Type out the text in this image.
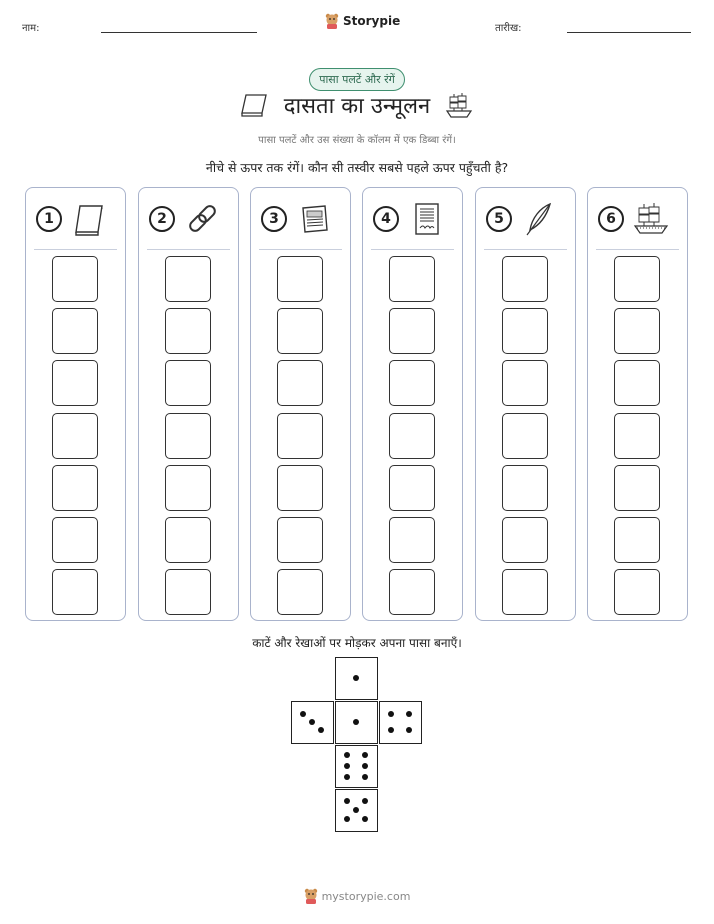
नाम:
Storypie
तारीख:
पासा पलटें और रंगें
दासता का उन्मूलन
पासा पलटें और उस संख्या के कॉलम में एक डिब्बा रंगें।
नीचे से ऊपर तक रंगें। कौन सी तस्वीर सबसे पहले ऊपर पहुँचती है?
1	2	3	4	5	6
काटें और रेखाओं पर मोड़कर अपना पासा बनाएँ।
mystorypie.com
